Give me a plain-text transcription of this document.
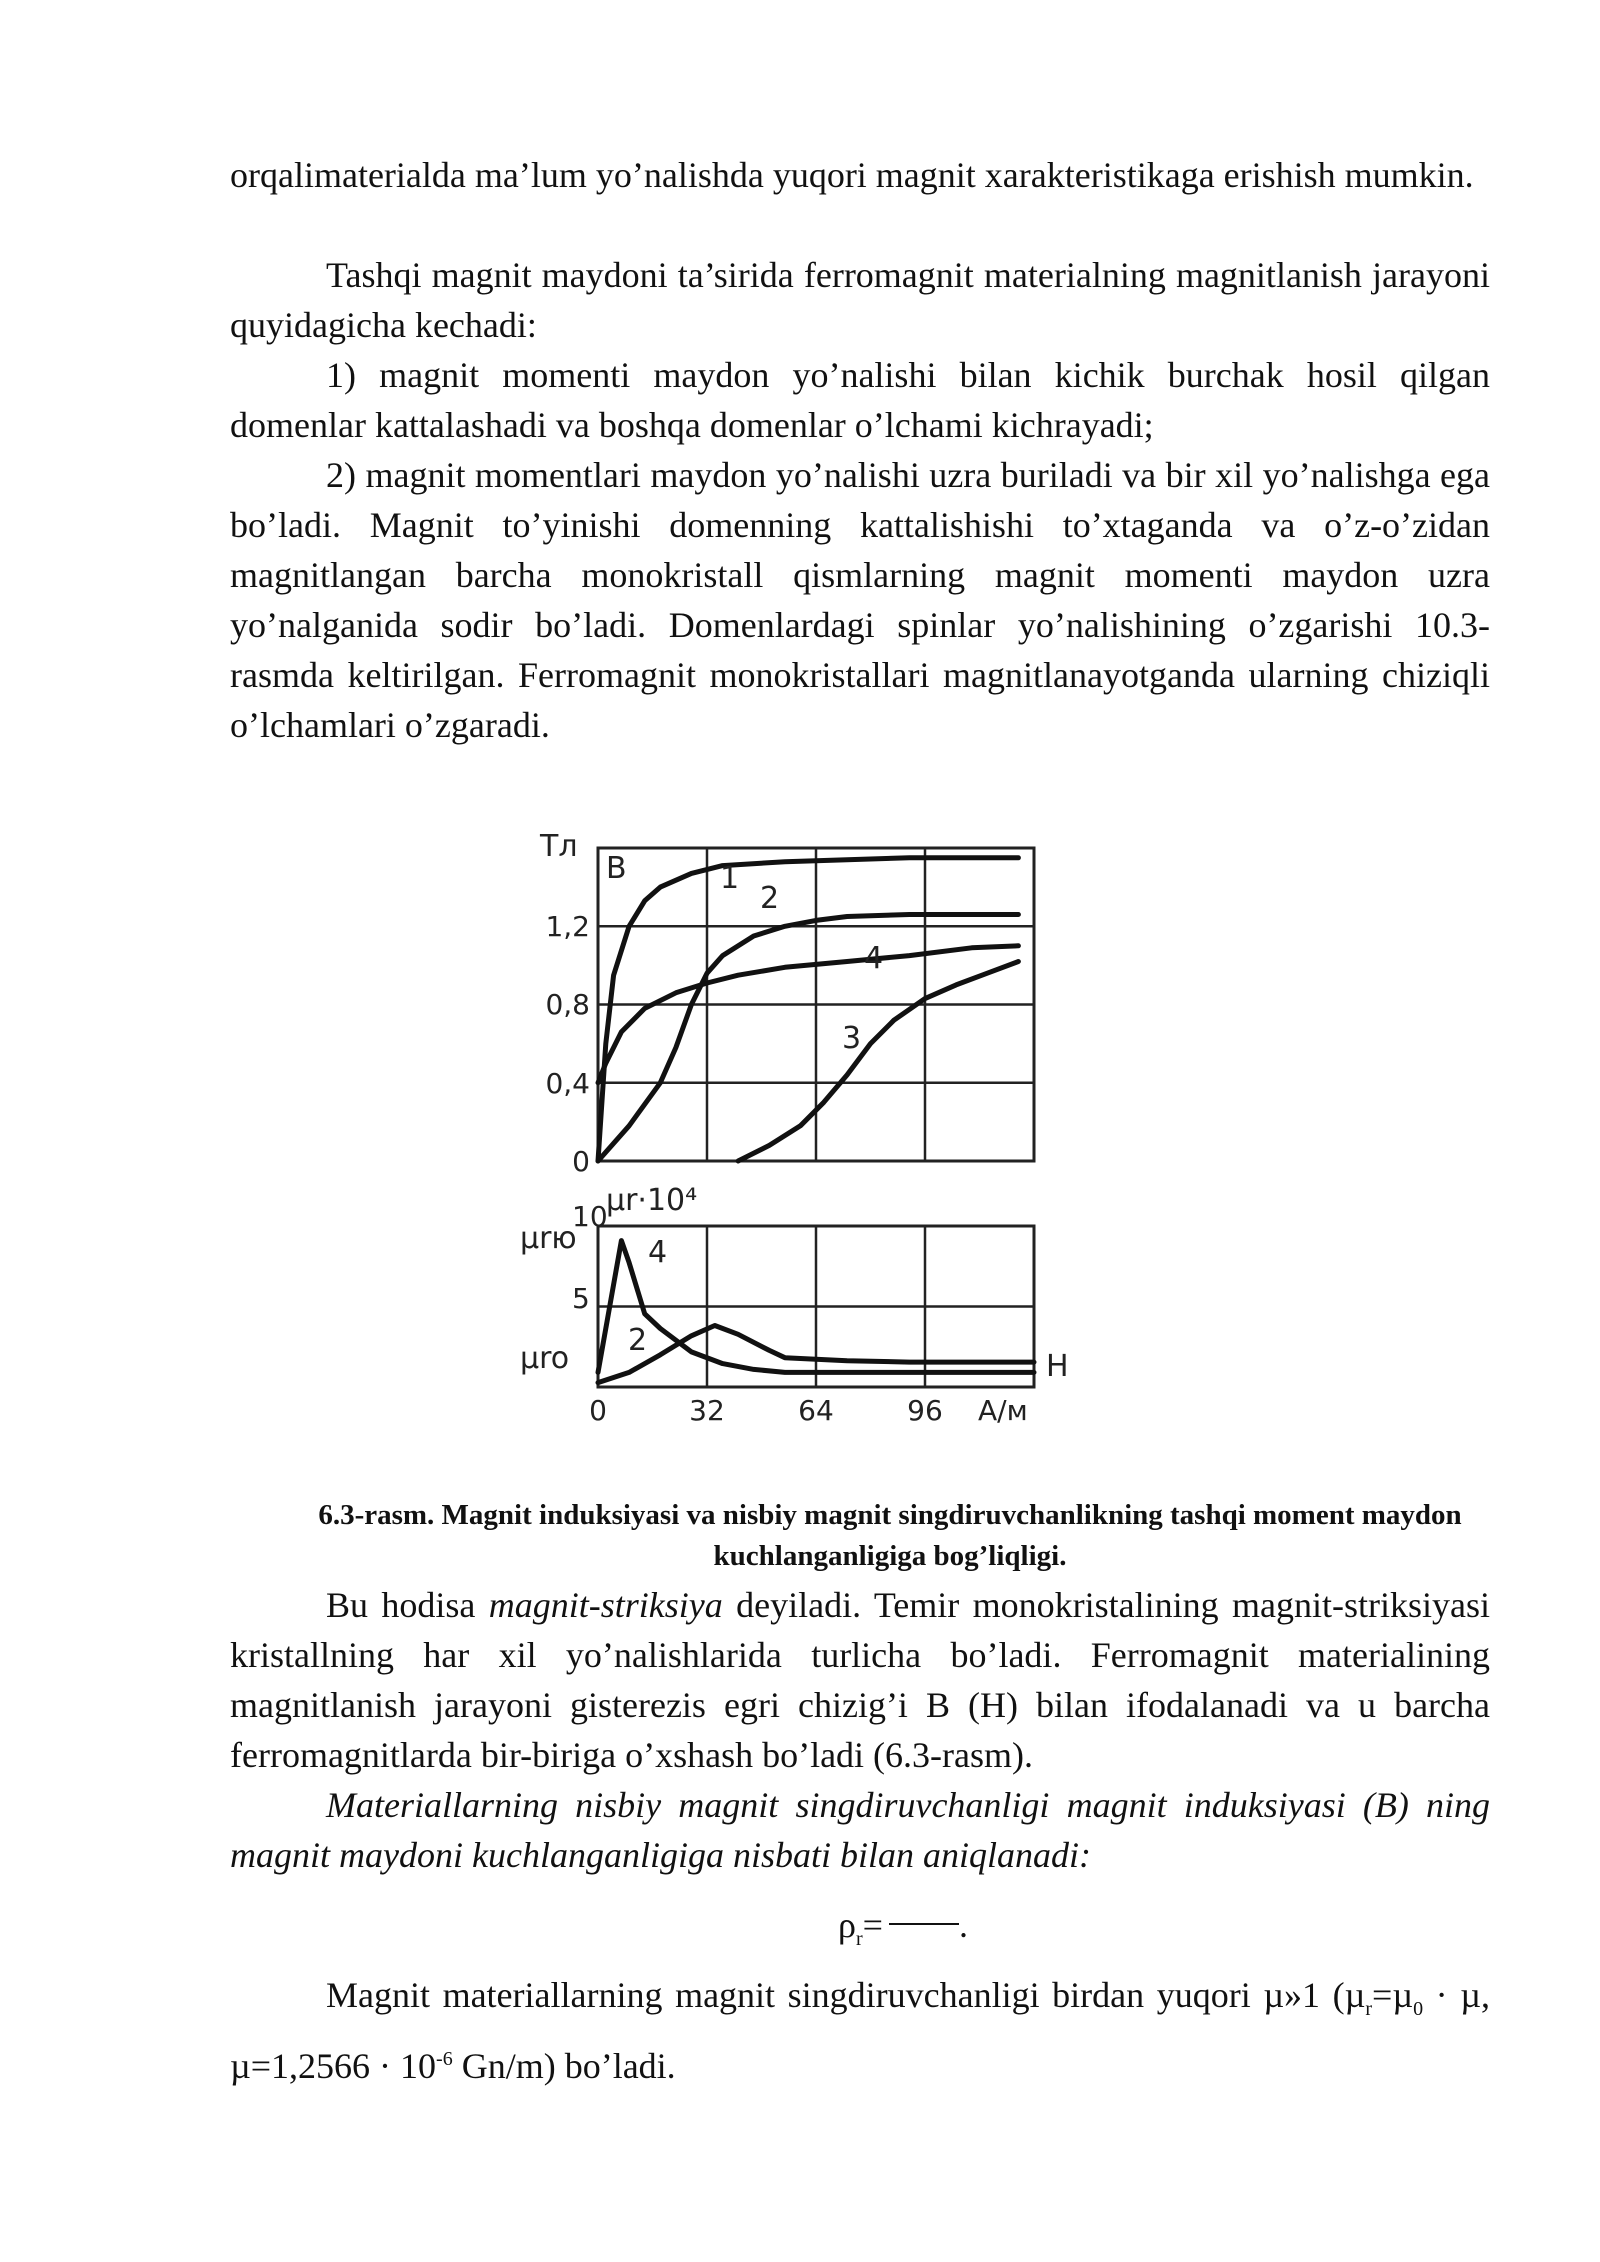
orqalimaterialda ma’lum yo’nalishda yuqori magnit xarakteristikaga erishish mumkin.

Tashqi magnit maydoni ta’sirida ferromagnit materialning magnitlanish jarayoni quyidagicha kechadi:

1) magnit momenti maydon yo’nalishi bilan kichik burchak hosil qilgan domenlar kattalashadi va boshqa domenlar o’lchami kichrayadi;

2) magnit momentlari maydon yo’nalishi uzra buriladi va bir xil yo’nalishga ega bo’ladi. Magnit to’yinishi domenning kattalishishi to’xtaganda va o’z-o’zidan magnitlangan barcha monokristall qismlarning magnit momenti maydon uzra yo’nalganida sodir bo’ladi. Domenlardagi spinlar yo’nalishining o’zgarishi 10.3-rasmda keltirilgan. Ferromagnit monokristallari magnitlanayotganda ularning chiziqli o’lchamlari o’zgaradi.

Тл
B
0
0,4
0,8
1,2
1
2
3
4
μr·10⁴
10
μrю
5
μro
0	32	64	96 А/м
H
4
2

6.3-rasm. Magnit induksiyasi va nisbiy magnit singdiruvchanlikning tashqi moment maydon kuchlanganligiga bog’liqligi.

Bu hodisa magnit-striksiya deyiladi. Temir monokristalining magnit-striksiyasi kristallning har xil yo’nalishlarida turlicha bo’ladi. Ferromagnit materialining magnitlanish jarayoni gisterezis egri chizig’i B (H) bilan ifodalanadi va u barcha ferromagnitlarda bir-biriga o’xshash bo’ladi (6.3-rasm).

Materiallarning nisbiy magnit singdiruvchanligi magnit induksiyasi (B) ning magnit maydoni kuchlanganligiga nisbati bilan aniqlanadi:

$\rho_r=$ .

Magnit materiallarning magnit singdiruvchanligi birdan yuqori µ»1 (µ$_r$=µ$_0$ · µ, $\mu=1,2566 \cdot 10^{-6}$ Gn/m) bo’ladi.
